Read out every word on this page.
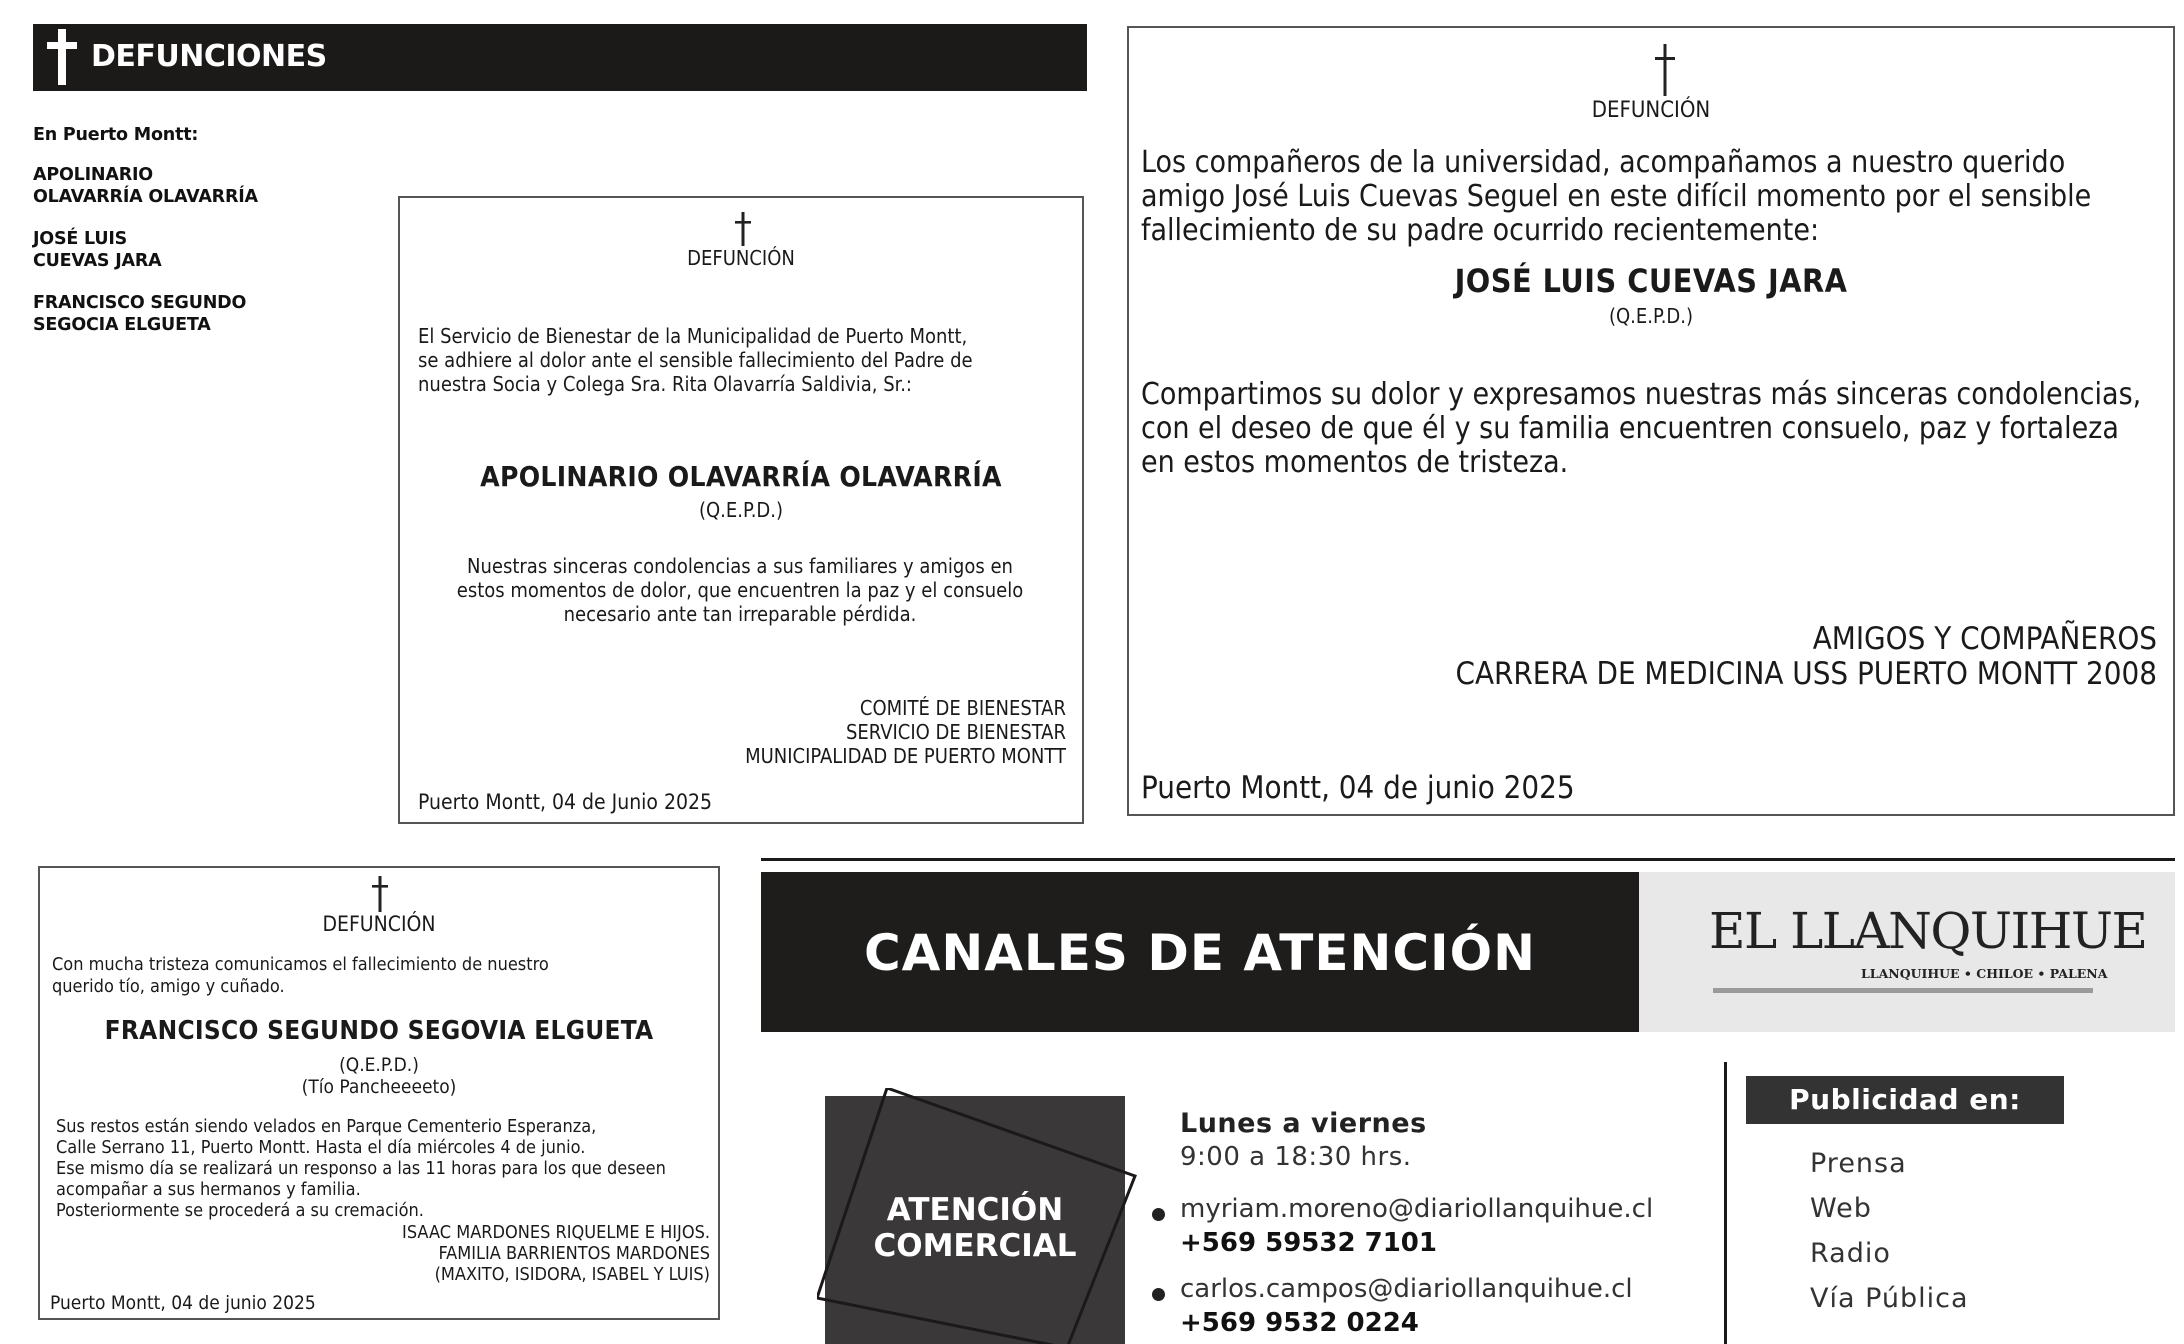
DEFUNCIONES
En Puerto Montt:
APOLINARIO
OLAVARRÍA OLAVARRÍA
JOSÉ LUIS
CUEVAS JARA
FRANCISCO SEGUNDO
SEGOCIA ELGUETA
DEFUNCIÓN
El Servicio de Bienestar de la Municipalidad de Puerto Montt,
se adhiere al dolor ante el sensible fallecimiento del Padre de
nuestra Socia y Colega Sra. Rita Olavarría Saldivia, Sr.:
APOLINARIO OLAVARRÍA OLAVARRÍA
(Q.E.P.D.)
Nuestras sinceras condolencias a sus familiares y amigos en
estos momentos de dolor, que encuentren la paz y el consuelo
necesario ante tan irreparable pérdida.
COMITÉ DE BIENESTAR
SERVICIO DE BIENESTAR
MUNICIPALIDAD DE PUERTO MONTT
Puerto Montt, 04 de Junio 2025
DEFUNCIÓN
Los compañeros de la universidad, acompañamos a nuestro querido
amigo José Luis Cuevas Seguel en este difícil momento por el sensible
fallecimiento de su padre ocurrido recientemente:
JOSÉ LUIS CUEVAS JARA
(Q.E.P.D.)
Compartimos su dolor y expresamos nuestras más sinceras condolencias,
con el deseo de que él y su familia encuentren consuelo, paz y fortaleza
en estos momentos de tristeza.
AMIGOS Y COMPAÑEROS
CARRERA DE MEDICINA USS PUERTO MONTT 2008
Puerto Montt, 04 de junio 2025
DEFUNCIÓN
Con mucha tristeza comunicamos el fallecimiento de nuestro
querido tío, amigo y cuñado.
FRANCISCO SEGUNDO SEGOVIA ELGUETA
(Q.E.P.D.)
(Tío Pancheeeeto)
Sus restos están siendo velados en Parque Cementerio Esperanza,
Calle Serrano 11, Puerto Montt. Hasta el día miércoles 4 de junio.
Ese mismo día se realizará un responso a las 11 horas para los que deseen
acompañar a sus hermanos y familia.
Posteriormente se procederá a su cremación.
ISAAC MARDONES RIQUELME E HIJOS.
FAMILIA BARRIENTOS MARDONES
(MAXITO, ISIDORA, ISABEL Y LUIS)
Puerto Montt, 04 de junio 2025
CANALES DE ATENCIÓN	EL LLANQUIHUE
LLANQUIHUE • CHILOE • PALENA
ATENCIÓN
COMERCIAL
Lunes a viernes
9:00 a 18:30 hrs.
myriam.moreno@diariollanquihue.cl
+569 59532 7101
carlos.campos@diariollanquihue.cl
+569 9532 0224
Publicidad en:
Prensa
Web
Radio
Vía Pública
